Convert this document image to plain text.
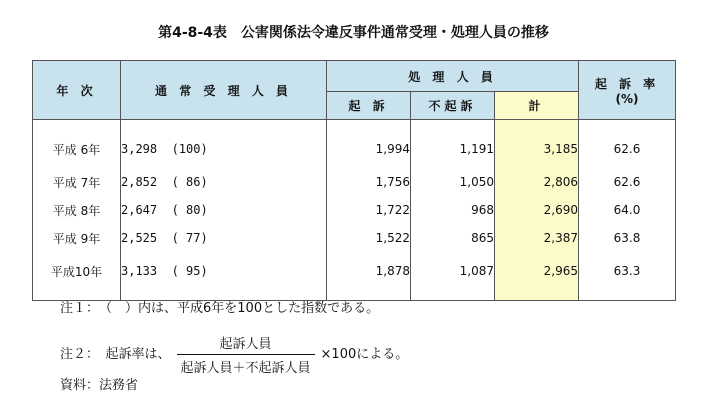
第4-8-4表　公害関係法令違反事件通常受理・処理人員の推移
年 次	通 常 受 理 人 員	処 理 人 員			起 訴 率
(%)

		起 訴	不起訴	計	
平成 6年	3,298  (100)	1,994	1,191	3,185	62.6
平成 7年	2,852  ( 86)	1,756	1,050	2,806	62.6
平成 8年	2,647  ( 80)	1,722	968	2,690	64.0
平成 9年	2,525  ( 77)	1,522	865	2,387	63.8
平成10年	3,133  ( 95)	1,878	1,087	2,965	63.3
注１：　（　）内は、平成6年を100とした指数である。
注２：　起訴率は、 $\frac{\text{起訴人員}}{\text{起訴人員＋不起訴人員}} \times 100$による。
資料：法務省
